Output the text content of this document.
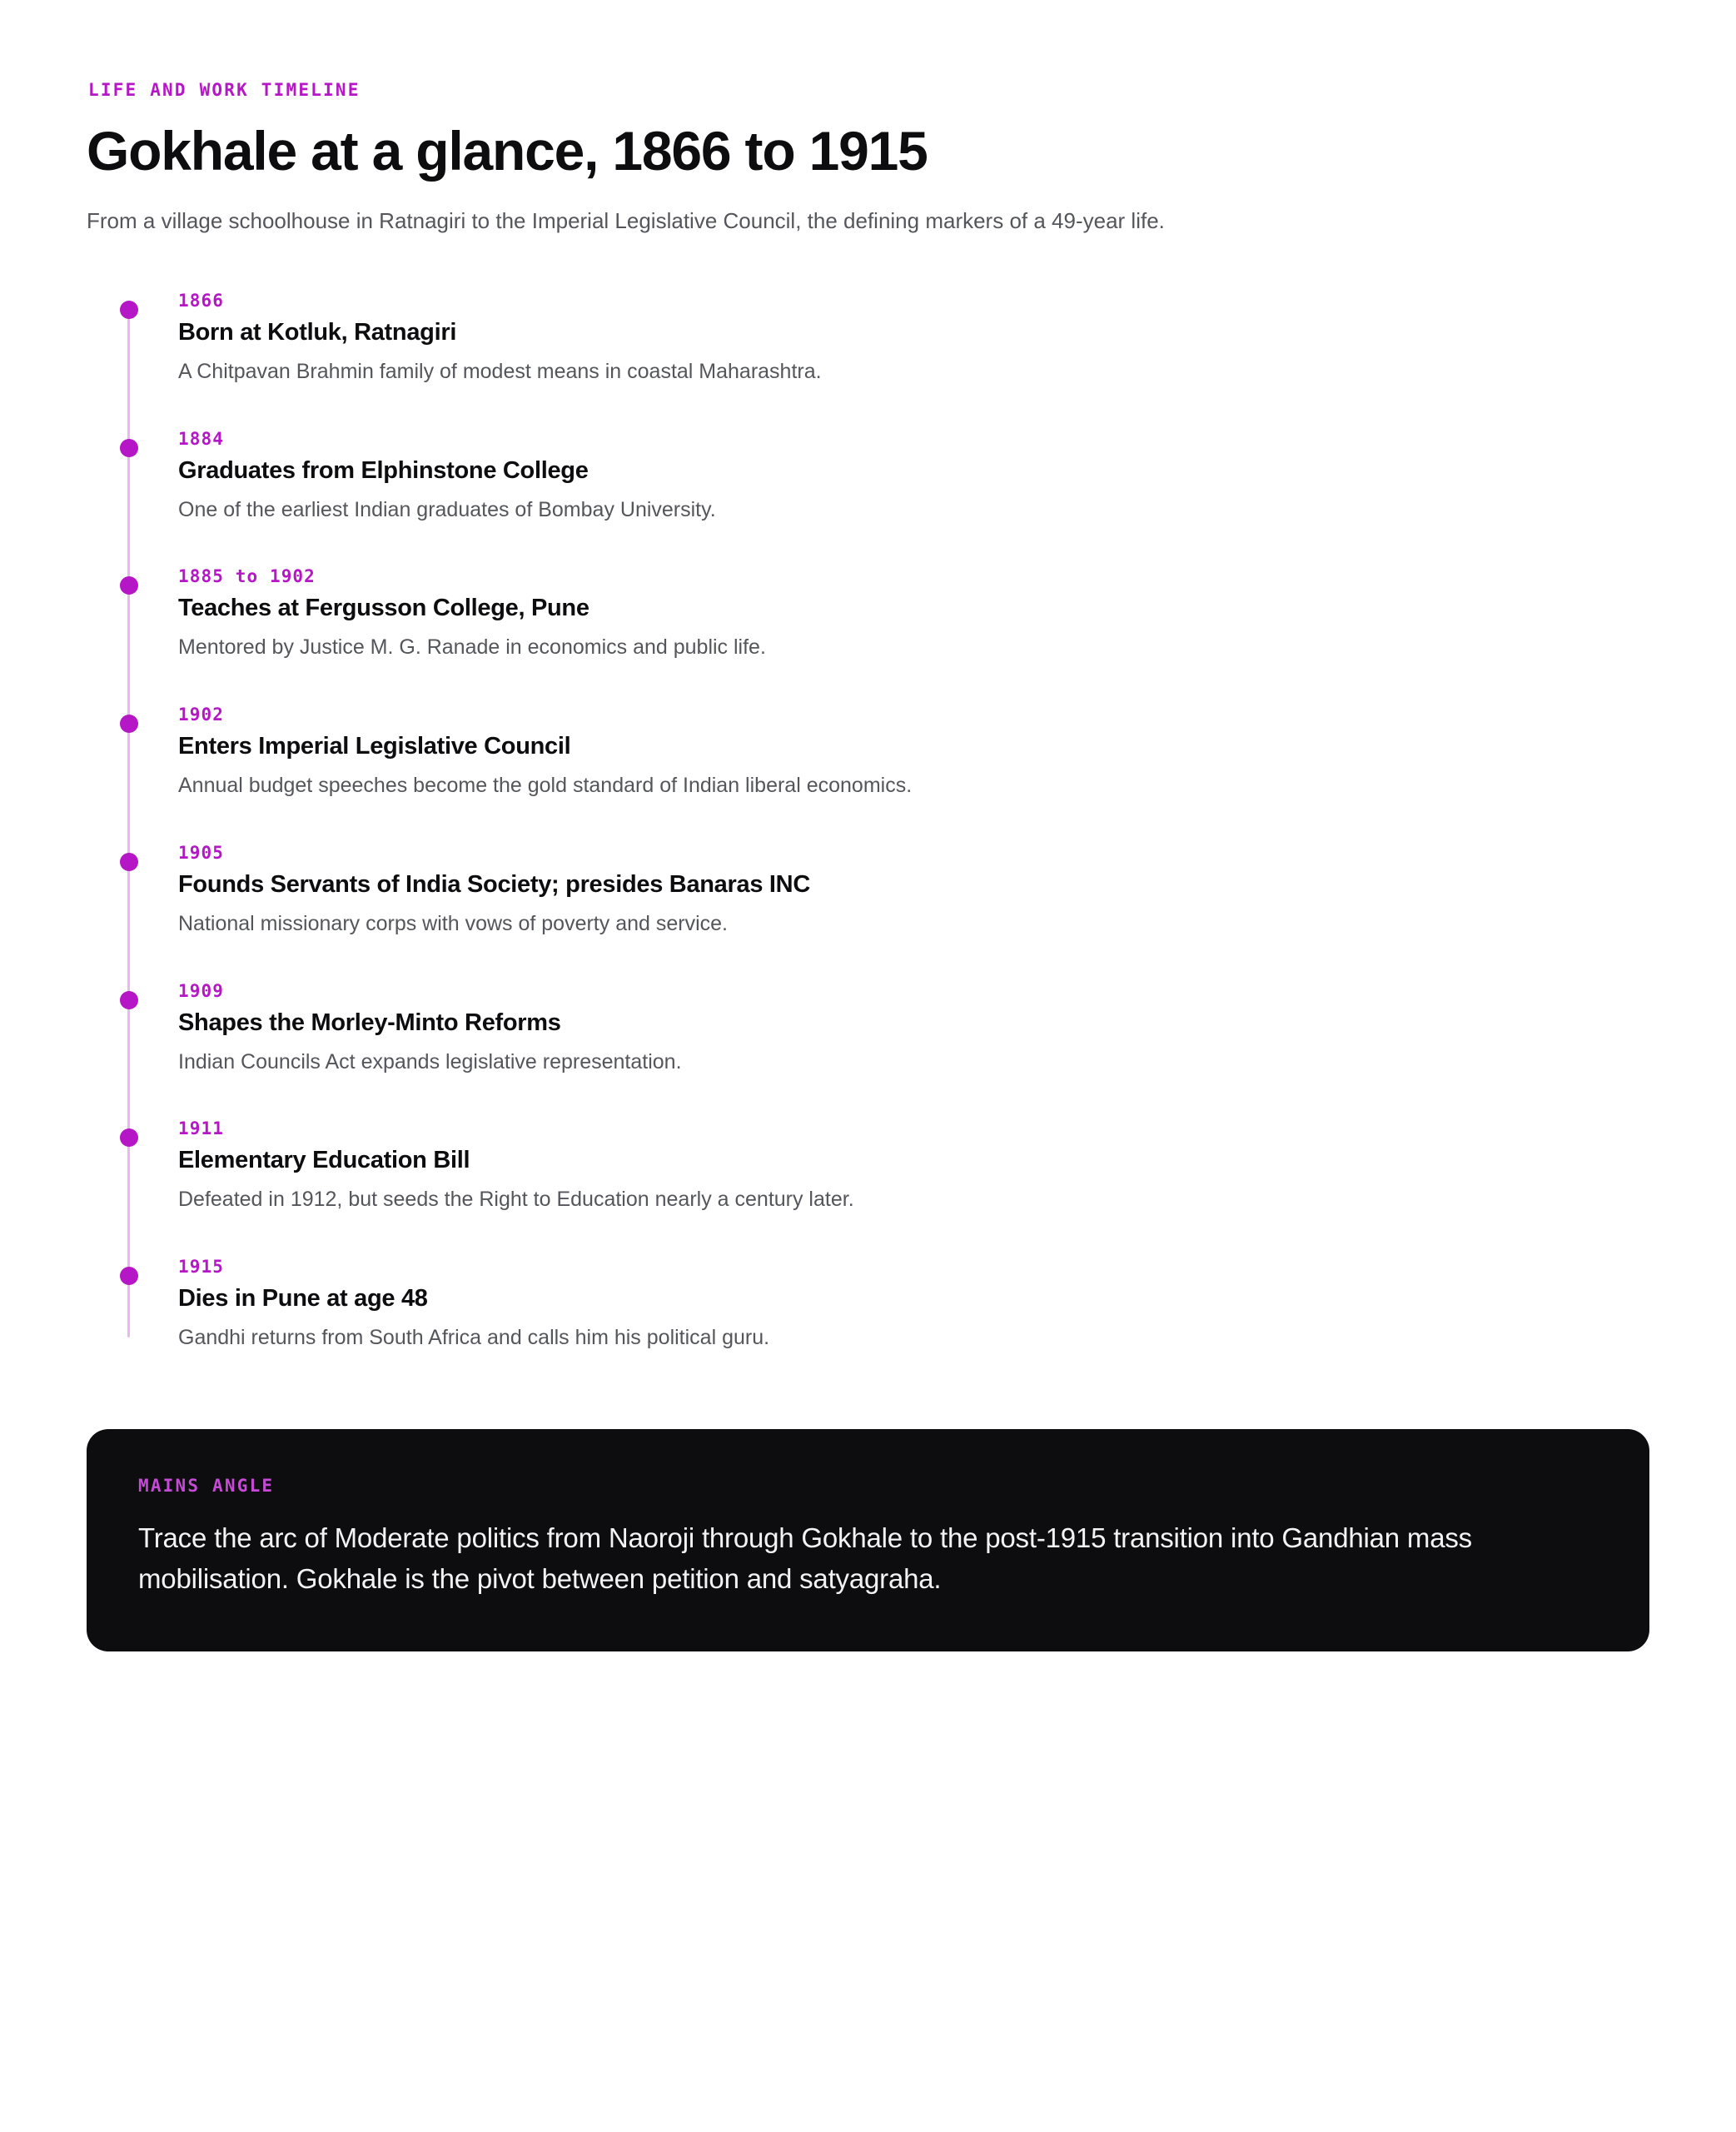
LIFE AND WORK TIMELINE

Gokhale at a glance, 1866 to 1915

From a village schoolhouse in Ratnagiri to the Imperial Legislative Council, the defining markers of a 49-year life.

1866

Born at Kotluk, Ratnagiri

A Chitpavan Brahmin family of modest means in coastal Maharashtra.

1884

Graduates from Elphinstone College

One of the earliest Indian graduates of Bombay University.

1885 to 1902

Teaches at Fergusson College, Pune

Mentored by Justice M. G. Ranade in economics and public life.

1902

Enters Imperial Legislative Council

Annual budget speeches become the gold standard of Indian liberal economics.

1905

Founds Servants of India Society; presides Banaras INC

National missionary corps with vows of poverty and service.

1909

Shapes the Morley-Minto Reforms

Indian Councils Act expands legislative representation.

1911

Elementary Education Bill

Defeated in 1912, but seeds the Right to Education nearly a century later.

1915

Dies in Pune at age 48

Gandhi returns from South Africa and calls him his political guru.

MAINS ANGLE

Trace the arc of Moderate politics from Naoroji through Gokhale to the post-1915 transition into Gandhian mass mobilisation. Gokhale is the pivot between petition and satyagraha.
